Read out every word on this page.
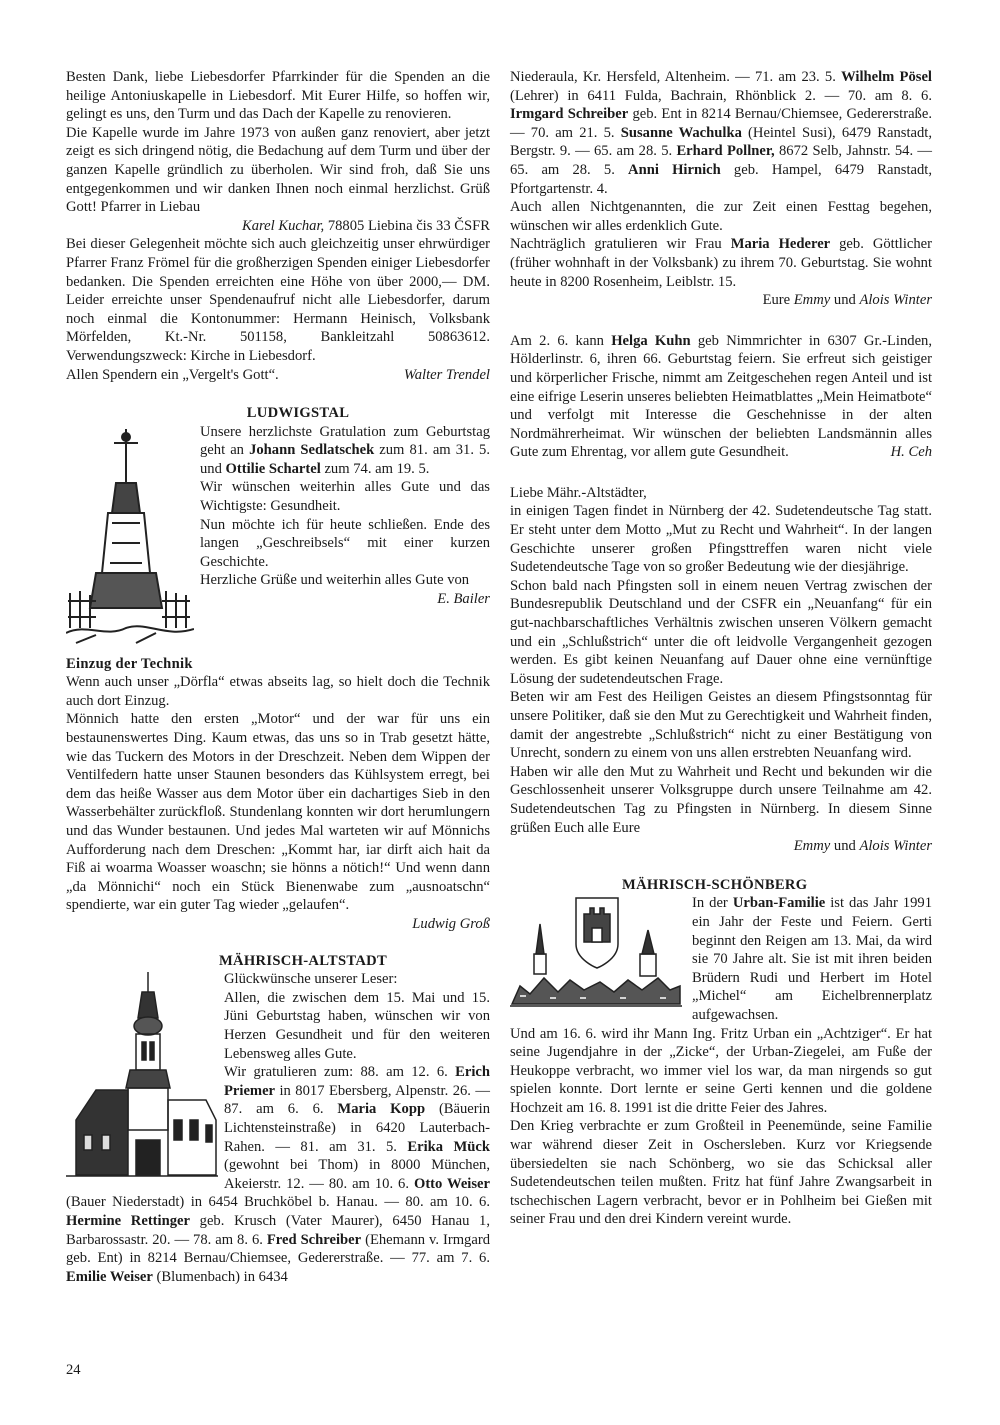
Besten Dank, liebe Liebesdorfer Pfarrkinder für die Spenden an die heilige Antoniuskapelle in Liebesdorf. Mit Eurer Hilfe, so hoffen wir, gelingt es uns, den Turm und das Dach der Kapelle zu renovieren.

Die Kapelle wurde im Jahre 1973 von außen ganz renoviert, aber jetzt zeigt es sich dringend nötig, die Bedachung auf dem Turm und über der ganzen Kapelle gründlich zu überholen. Wir sind froh, daß Sie uns entgegenkommen und wir danken Ihnen noch einmal herzlichst. Grüß Gott! Pfarrer in Liebau

Karel Kuchar, 78805 Liebina čis 33 ČSFR

Bei dieser Gelegenheit möchte sich auch gleichzeitig unser ehrwürdiger Pfarrer Franz Frömel für die großherzigen Spenden einiger Liebesdorfer bedanken. Die Spenden erreichten eine Höhe von über 2000,— DM. Leider erreichte unser Spendenaufruf nicht alle Liebesdorfer, darum noch einmal die Kontonummer: Hermann Heinisch, Volksbank Mörfelden, Kt.-Nr. 501158, Bankleitzahl 50863612. Verwendungszweck: Kirche in Liebesdorf.

Allen Spendern ein „Vergelt's Gott“.	Walter Trendel

LUDWIGSTAL

Unsere herzlichste Gratulation zum Geburtstag geht an Johann Sedlatschek zum 81. am 31. 5. und Ottilie Schartel zum 74. am 19. 5.

Wir wünschen weiterhin alles Gute und das Wichtigste: Gesundheit.

Nun möchte ich für heute schließen. Ende des langen „Geschreibsels“ mit einer kurzen Geschichte.

Herzliche Grüße und weiterhin alles Gute von

E. Bailer

Einzug der Technik

Wenn auch unser „Dörfla“ etwas abseits lag, so hielt doch die Technik auch dort Einzug.

Mönnich hatte den ersten „Motor“ und der war für uns ein bestaunenswertes Ding. Kaum etwas, das uns so in Trab gesetzt hätte, wie das Tuckern des Motors in der Dreschzeit. Neben dem Wippen der Ventilfedern hatte unser Staunen besonders das Kühlsystem erregt, bei dem das heiße Wasser aus dem Motor über ein dachartiges Sieb in den Wasserbehälter zurückfloß. Stundenlang konnten wir dort herumlungern und das Wunder bestaunen. Und jedes Mal warteten wir auf Mönnichs Aufforderung nach dem Dreschen: „Kommt har, iar dirft aich hait da Fiß ai woarma Woasser woaschn; sie hönns a nötich!“ Und wenn dann „da Mönnichi“ noch ein Stück Bienenwabe zum „ausnoatschn“ spendierte, war ein guter Tag wieder „gelaufen“.

Ludwig Groß

MÄHRISCH-ALTSTADT

Glückwünsche unserer Leser:

Allen, die zwischen dem 15. Mai und 15. Jüni Geburtstag haben, wünschen wir von Herzen Gesundheit und für den weiteren Lebensweg alles Gute.

Wir gratulieren zum: 88. am 12. 6. Erich Priemer in 8017 Ebersberg, Alpenstr. 26. — 87. am 6. 6. Maria Kopp (Bäuerin Lichtensteinstraße) in 6420 Lauterbach-Rahen. — 81. am 31. 5. Erika Mück (gewohnt bei Thom) in 8000 München, Akeierstr. 12. — 80. am 10. 6. Otto Weiser (Bauer Niederstadt) in 6454 Bruchköbel b. Hanau. — 80. am 10. 6. Hermine Rettinger geb. Krusch (Vater Maurer), 6450 Hanau 1, Barbarossastr. 20. — 78. am 8. 6. Fred Schreiber (Ehemann v. Irmgard geb. Ent) in 8214 Bernau/Chiemsee, Gedererstraße. — 77. am 7. 6. Emilie Weiser (Blumenbach) in 6434

Niederaula, Kr. Hersfeld, Altenheim. — 71. am 23. 5. Wilhelm Pösel (Lehrer) in 6411 Fulda, Bachrain, Rhönblick 2. — 70. am 8. 6. Irmgard Schreiber geb. Ent in 8214 Bernau/Chiemsee, Gedererstraße. — 70. am 21. 5. Susanne Wachulka (Heintel Susi), 6479 Ranstadt, Bergstr. 9. — 65. am 28. 5. Erhard Pollner, 8672 Selb, Jahnstr. 54. — 65. am 28. 5. Anni Hirnich geb. Hampel, 6479 Ranstadt, Pfortgartenstr. 4.

Auch allen Nichtgenannten, die zur Zeit einen Festtag begehen, wünschen wir alles erdenklich Gute.

Nachträglich gratulieren wir Frau Maria Hederer geb. Göttlicher (früher wohnhaft in der Volksbank) zu ihrem 70. Geburtstag. Sie wohnt heute in 8200 Rosenheim, Leiblstr. 15.

Eure Emmy und Alois Winter

Am 2. 6. kann Helga Kuhn geb Nimmrichter in 6307 Gr.-Linden, Hölderlinstr. 6, ihren 66. Geburtstag feiern. Sie erfreut sich geistiger und körperlicher Frische, nimmt am Zeitgeschehen regen Anteil und ist eine eifrige Leserin unseres beliebten Heimatblattes „Mein Heimatbote“ und verfolgt mit Interesse die Geschehnisse in der alten Nordmährerheimat. Wir wünschen der beliebten Landsmännin alles Gute zum Ehrentag, vor allem gute Gesundheit.	H. Ceh

Liebe Mähr.-Altstädter,

in einigen Tagen findet in Nürnberg der 42. Sudetendeutsche Tag statt. Er steht unter dem Motto „Mut zu Recht und Wahrheit“. In der langen Geschichte unserer großen Pfingsttreffen waren nicht viele Sudetendeutsche Tage von so großer Bedeutung wie der diesjährige.

Schon bald nach Pfingsten soll in einem neuen Vertrag zwischen der Bundesrepublik Deutschland und der CSFR ein „Neuanfang“ für ein gut-nachbarschaftliches Verhältnis zwischen unseren Völkern gemacht und ein „Schlußstrich“ unter die oft leidvolle Vergangenheit gezogen werden. Es gibt keinen Neuanfang auf Dauer ohne eine vernünftige Lösung der sudetendeutschen Frage.

Beten wir am Fest des Heiligen Geistes an diesem Pfingstsonntag für unsere Politiker, daß sie den Mut zu Gerechtigkeit und Wahrheit finden, damit der angestrebte „Schlußstrich“ nicht zu einer Bestätigung von Unrecht, sondern zu einem von uns allen erstrebten Neuanfang wird.

Haben wir alle den Mut zu Wahrheit und Recht und bekunden wir die Geschlossenheit unserer Volksgruppe durch unsere Teilnahme am 42. Sudetendeutschen Tag zu Pfingsten in Nürnberg. In diesem Sinne grüßen Euch alle Eure

Emmy und Alois Winter

MÄHRISCH-SCHÖNBERG

In der Urban-Familie ist das Jahr 1991 ein Jahr der Feste und Feiern. Gerti beginnt den Reigen am 13. Mai, da wird sie 70 Jahre alt. Sie ist mit ihren beiden Brüdern Rudi und Herbert im Hotel „Michel“ am Eichelbrennerplatz aufgewachsen.

Und am 16. 6. wird ihr Mann Ing. Fritz Urban ein „Achtziger“. Er hat seine Jugendjahre in der „Zicke“, der Urban-Ziegelei, am Fuße der Heukoppe verbracht, wo immer viel los war, da man nirgends so gut spielen konnte. Dort lernte er seine Gerti kennen und die goldene Hochzeit am 16. 8. 1991 ist die dritte Feier des Jahres.

Den Krieg verbrachte er zum Großteil in Peenemünde, seine Familie war während dieser Zeit in Oschersleben. Kurz vor Kriegsende übersiedelten sie nach Schönberg, wo sie das Schicksal aller Sudetendeutschen teilen mußten. Fritz hat fünf Jahre Zwangsarbeit in tschechischen Lagern verbracht, bevor er in Pohlheim bei Gießen mit seiner Frau und den drei Kindern vereint wurde.

24
